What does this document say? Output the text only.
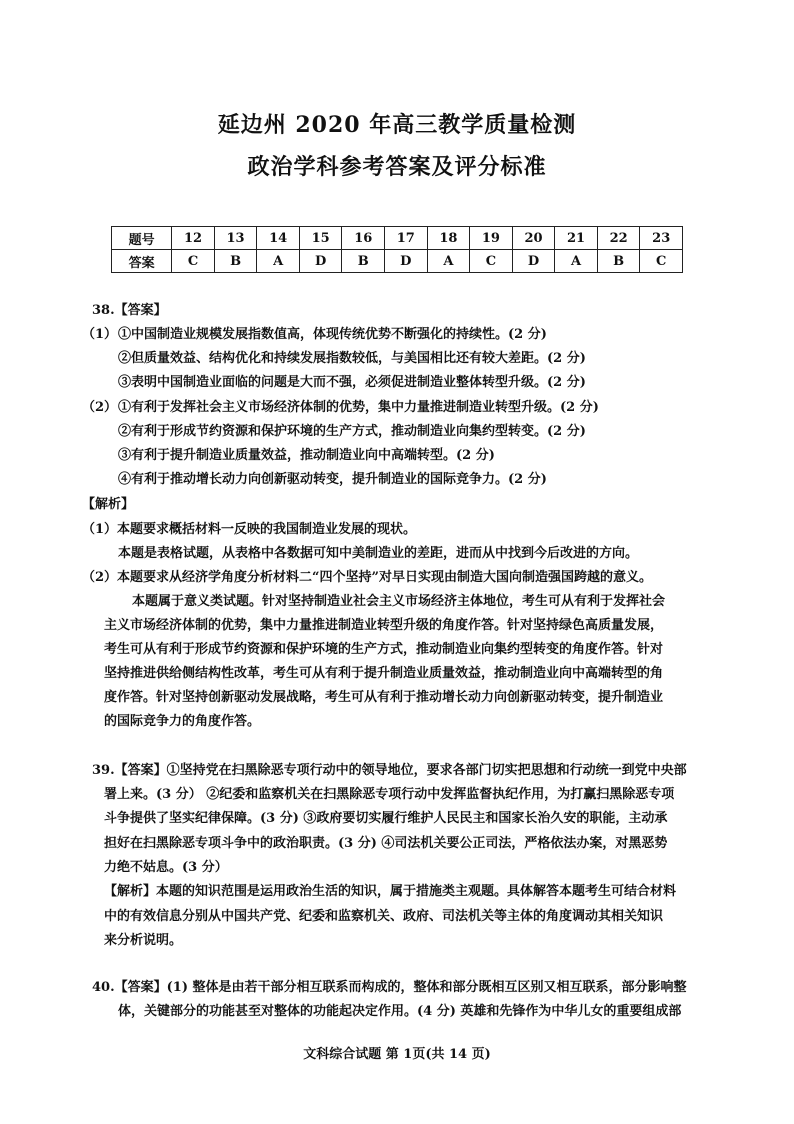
延边州 2020 年高三教学质量检测
政治学科参考答案及评分标准
题号	12	13	14	15	16	17	18	19	20	21	22	23
答案	C	B	A	D	B	D	A	C	D	A	B	C
38.【答案】
（1） ①中国制造业规模发展指数值高，体现传统优势不断强化的持续性。(2 分)
②但质量效益、结构优化和持续发展指数较低，与美国相比还有较大差距。(2 分)
③表明中国制造业面临的问题是大而不强，必须促进制造业整体转型升级。(2 分)
（2） ①有利于发挥社会主义市场经济体制的优势，集中力量推进制造业转型升级。(2 分)
②有利于形成节约资源和保护环境的生产方式，推动制造业向集约型转变。(2 分)
③有利于提升制造业质量效益，推动制造业向中高端转型。(2 分)
④有利于推动增长动力向创新驱动转变，提升制造业的国际竞争力。(2 分)
【解析】
（1）本题要求概括材料一反映的我国制造业发展的现状。
本题是表格试题，从表格中各数据可知中美制造业的差距，进而从中找到今后改进的方向。
（2）本题要求从经济学角度分析材料二“四个坚持”对早日实现由制造大国向制造强国跨越的意义。
本题属于意义类试题。针对坚持制造业社会主义市场经济主体地位，考生可从有利于发挥社会
主义市场经济体制的优势，集中力量推进制造业转型升级的角度作答。针对坚持绿色高质量发展，
考生可从有利于形成节约资源和保护环境的生产方式，推动制造业向集约型转变的角度作答。针对
坚持推进供给侧结构性改革，考生可从有利于提升制造业质量效益，推动制造业向中高端转型的角
度作答。针对坚持创新驱动发展战略，考生可从有利于推动增长动力向创新驱动转变，提升制造业
的国际竞争力的角度作答。
39.【答案】①坚持党在扫黑除恶专项行动中的领导地位，要求各部门切实把思想和行动统一到党中央部
署上来。(3 分） ②纪委和监察机关在扫黑除恶专项行动中发挥监督执纪作用，为打赢扫黑除恶专项
斗争提供了坚实纪律保障。(3 分) ③政府要切实履行维护人民民主和国家长治久安的职能，主动承
担好在扫黑除恶专项斗争中的政治职责。(3 分) ④司法机关要公正司法，严格依法办案，对黑恶势
力绝不姑息。(3 分）
【解析】本题的知识范围是运用政治生活的知识，属于措施类主观题。具体解答本题考生可结合材料
中的有效信息分别从中国共产党、纪委和监察机关、政府、司法机关等主体的角度调动其相关知识
来分析说明。
40.【答案】(1) 整体是由若干部分相互联系而构成的，整体和部分既相互区别又相互联系，部分影响整
体，关键部分的功能甚至对整体的功能起决定作用。(4 分) 英雄和先锋作为中华儿女的重要组成部
文科综合试题 第 1页(共 14 页)
